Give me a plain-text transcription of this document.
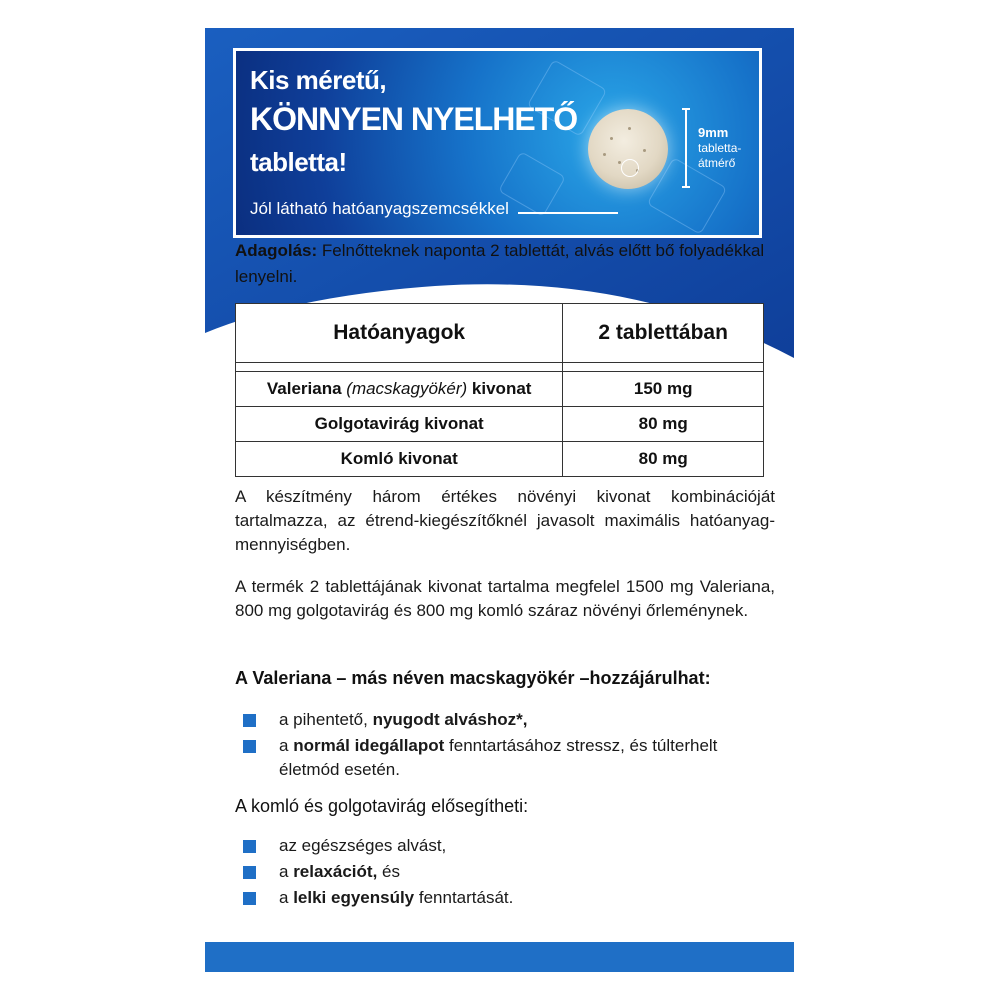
Kis méretű,
KÖNNYEN NYELHETŐ
tabletta!
Jól látható hatóanyagszemcsékkel
9mm
tabletta-
átmérő
Adagolás: Felnőtteknek naponta 2 tablettát, alvás előtt bő folyadékkal lenyelni.
Hatóanyagok	2 tablettában

Valeriana (macskagyökér) kivonat	150 mg
Golgotavirág kivonat	80 mg
Komló kivonat	80 mg
A készítmény három értékes növényi kivonat kombinációját tartalmazza, az étrend-kiegészítőknél javasolt maximális hatóanyag-mennyiségben.
A termék 2 tablettájának kivonat tartalma megfelel 1500 mg Valeriana, 800 mg golgotavirág és 800 mg komló száraz növényi őrleménynek.
A Valeriana – más néven macskagyökér –hozzájárulhat:
a pihentető, nyugodt alváshoz*,
a normál idegállapot fenntartásához stressz, és túlterhelt életmód esetén.
A komló és golgotavirág elősegítheti:
az egészséges alvást,
a relaxációt, és
a lelki egyensúly fenntartását.
